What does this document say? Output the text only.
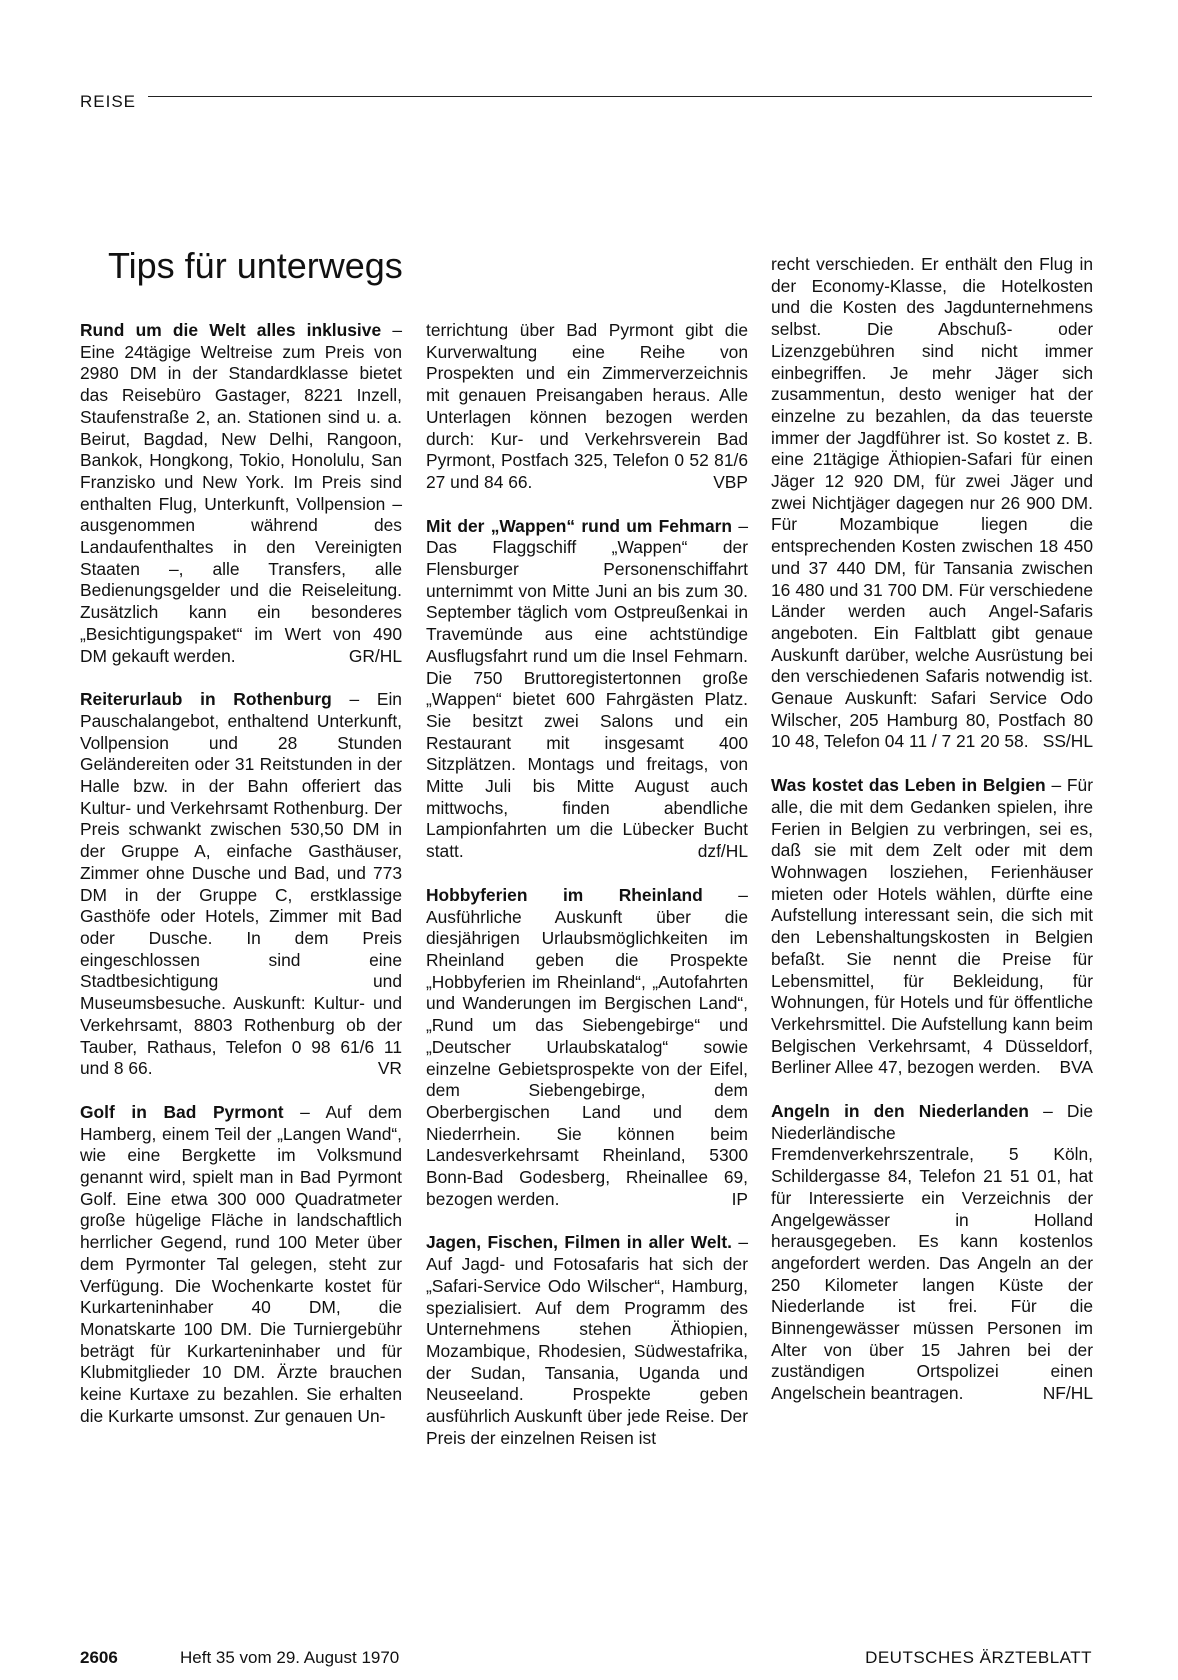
REISE
Tips für unterwegs

Rund um die Welt alles inklusive – Eine 24tägige Weltreise zum Preis von 2980 DM in der Standardklasse bietet das Reisebüro Gastager, 8221 Inzell, Staufenstraße 2, an. Stationen sind u. a. Beirut, Bagdad, New Delhi, Rangoon, Bankok, Hongkong, Tokio, Honolulu, San Franzisko und New York. Im Preis sind enthalten Flug, Unterkunft, Vollpension – ausgenommen während des Landaufenthaltes in den Vereinigten Staaten –, alle Transfers, alle Bedienungsgelder und die Reiseleitung. Zusätzlich kann ein besonderes „Besichtigungspaket“ im Wert von 490 DM gekauft werden.	GR/HL

Reiterurlaub in Rothenburg – Ein Pauschalangebot, enthaltend Unterkunft, Vollpension und 28 Stunden Geländereiten oder 31 Reitstunden in der Halle bzw. in der Bahn offeriert das Kultur- und Verkehrsamt Rothenburg. Der Preis schwankt zwischen 530,50 DM in der Gruppe A, einfache Gasthäuser, Zimmer ohne Dusche und Bad, und 773 DM in der Gruppe C, erstklassige Gasthöfe oder Hotels, Zimmer mit Bad oder Dusche. In dem Preis eingeschlossen sind eine Stadtbesichtigung und Museumsbesuche. Auskunft: Kultur- und Verkehrsamt, 8803 Rothenburg ob der Tauber, Rathaus, Telefon 0 98 61/6 11 und 8 66.	VR

Golf in Bad Pyrmont – Auf dem Hamberg, einem Teil der „Langen Wand“, wie eine Bergkette im Volksmund genannt wird, spielt man in Bad Pyrmont Golf. Eine etwa 300 000 Quadratmeter große hügelige Fläche in landschaftlich herrlicher Gegend, rund 100 Meter über dem Pyrmonter Tal gelegen, steht zur Verfügung. Die Wochenkarte kostet für Kurkarteninhaber 40 DM, die Monatskarte 100 DM. Die Turniergebühr beträgt für Kurkarteninhaber und für Klubmitglieder 10 DM. Ärzte brauchen keine Kurtaxe zu bezahlen. Sie erhalten die Kurkarte umsonst. Zur genauen Un-

terrichtung über Bad Pyrmont gibt die Kurverwaltung eine Reihe von Prospekten und ein Zimmerverzeichnis mit genauen Preisangaben heraus. Alle Unterlagen können bezogen werden durch: Kur- und Verkehrsverein Bad Pyrmont, Postfach 325, Telefon 0 52 81/6 27 und 84 66.	VBP

Mit der „Wappen“ rund um Fehmarn – Das Flaggschiff „Wappen“ der Flensburger Personenschiffahrt unternimmt von Mitte Juni an bis zum 30. September täglich vom Ostpreußenkai in Travemünde aus eine achtstündige Ausflugsfahrt rund um die Insel Fehmarn. Die 750 Bruttoregistertonnen große „Wappen“ bietet 600 Fahrgästen Platz. Sie besitzt zwei Salons und ein Restaurant mit insgesamt 400 Sitzplätzen. Montags und freitags, von Mitte Juli bis Mitte August auch mittwochs, finden abendliche Lampionfahrten um die Lübecker Bucht statt.	dzf/HL

Hobbyferien im Rheinland – Ausführliche Auskunft über die diesjährigen Urlaubsmöglichkeiten im Rheinland geben die Prospekte „Hobbyferien im Rheinland“, „Autofahrten und Wanderungen im Bergischen Land“, „Rund um das Siebengebirge“ und „Deutscher Urlaubskatalog“ sowie einzelne Gebietsprospekte von der Eifel, dem Siebengebirge, dem Oberbergischen Land und dem Niederrhein. Sie können beim Landesverkehrsamt Rheinland, 5300 Bonn-Bad Godesberg, Rheinallee 69, bezogen werden.	IP

Jagen, Fischen, Filmen in aller Welt. – Auf Jagd- und Fotosafaris hat sich der „Safari-Service Odo Wilscher“, Hamburg, spezialisiert. Auf dem Programm des Unternehmens stehen Äthiopien, Mozambique, Rhodesien, Südwestafrika, der Sudan, Tansania, Uganda und Neuseeland. Prospekte geben ausführlich Auskunft über jede Reise. Der Preis der einzelnen Reisen ist

recht verschieden. Er enthält den Flug in der Economy-Klasse, die Hotelkosten und die Kosten des Jagdunternehmens selbst. Die Abschuß- oder Lizenzgebühren sind nicht immer einbegriffen. Je mehr Jäger sich zusammentun, desto weniger hat der einzelne zu bezahlen, da das teuerste immer der Jagdführer ist. So kostet z. B. eine 21tägige Äthiopien-Safari für einen Jäger 12 920 DM, für zwei Jäger und zwei Nichtjäger dagegen nur 26 900 DM. Für Mozambique liegen die entsprechenden Kosten zwischen 18 450 und 37 440 DM, für Tansania zwischen 16 480 und 31 700 DM. Für verschiedene Länder werden auch Angel-Safaris angeboten. Ein Faltblatt gibt genaue Auskunft darüber, welche Ausrüstung bei den verschiedenen Safaris notwendig ist. Genaue Auskunft: Safari Service Odo Wilscher, 205 Hamburg 80, Postfach 80 10 48, Telefon 04 11 / 7 21 20 58. SS/HL

Was kostet das Leben in Belgien – Für alle, die mit dem Gedanken spielen, ihre Ferien in Belgien zu verbringen, sei es, daß sie mit dem Zelt oder mit dem Wohnwagen losziehen, Ferienhäuser mieten oder Hotels wählen, dürfte eine Aufstellung interessant sein, die sich mit den Lebenshaltungskosten in Belgien befaßt. Sie nennt die Preise für Lebensmittel, für Bekleidung, für Wohnungen, für Hotels und für öffentliche Verkehrsmittel. Die Aufstellung kann beim Belgischen Verkehrsamt, 4 Düsseldorf, Berliner Allee 47, bezogen werden. BVA

Angeln in den Niederlanden – Die Niederländische Fremdenverkehrszentrale, 5 Köln, Schildergasse 84, Telefon 21 51 01, hat für Interessierte ein Verzeichnis der Angelgewässer in Holland herausgegeben. Es kann kostenlos angefordert werden. Das Angeln an der 250 Kilometer langen Küste der Niederlande ist frei. Für die Binnengewässer müssen Personen im Alter von über 15 Jahren bei der zuständigen Ortspolizei einen Angelschein beantragen.	NF/HL

2606	Heft 35 vom 29. August 1970	DEUTSCHES ÄRZTEBLATT
